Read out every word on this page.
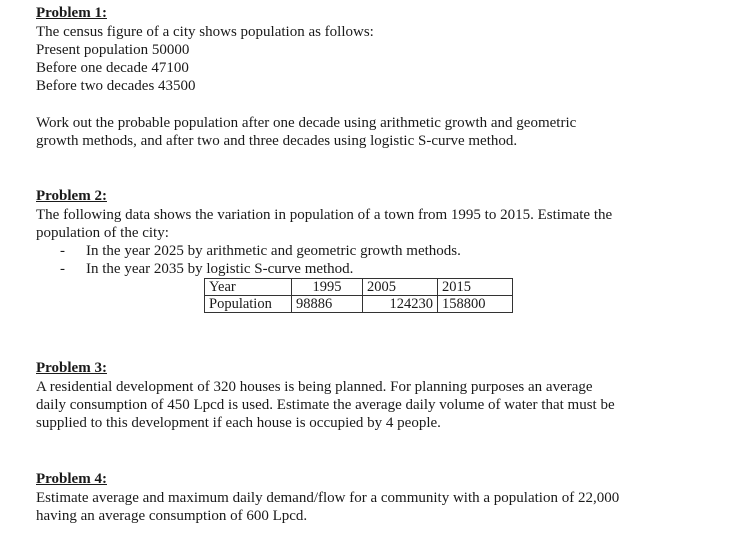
Problem 1:
The census figure of a city shows population as follows:
Present population 50000
Before one decade 47100
Before two decades 43500
Work out the probable population after one decade using arithmetic growth and geometric
growth methods, and after two and three decades using logistic S-curve method.
Problem 2:
The following data shows the variation in population of a town from 1995 to 2015. Estimate the
population of the city:
- In the year 2025 by arithmetic and geometric growth methods.
- In the year 2035 by logistic S-curve method.
Year	1995	2005	2015
Population	98886	124230	158800
Problem 3:
A residential development of 320 houses is being planned. For planning purposes an average
daily consumption of 450 Lpcd is used. Estimate the average daily volume of water that must be
supplied to this development if each house is occupied by 4 people.
Problem 4:
Estimate average and maximum daily demand/flow for a community with a population of 22,000
having an average consumption of 600 Lpcd.
